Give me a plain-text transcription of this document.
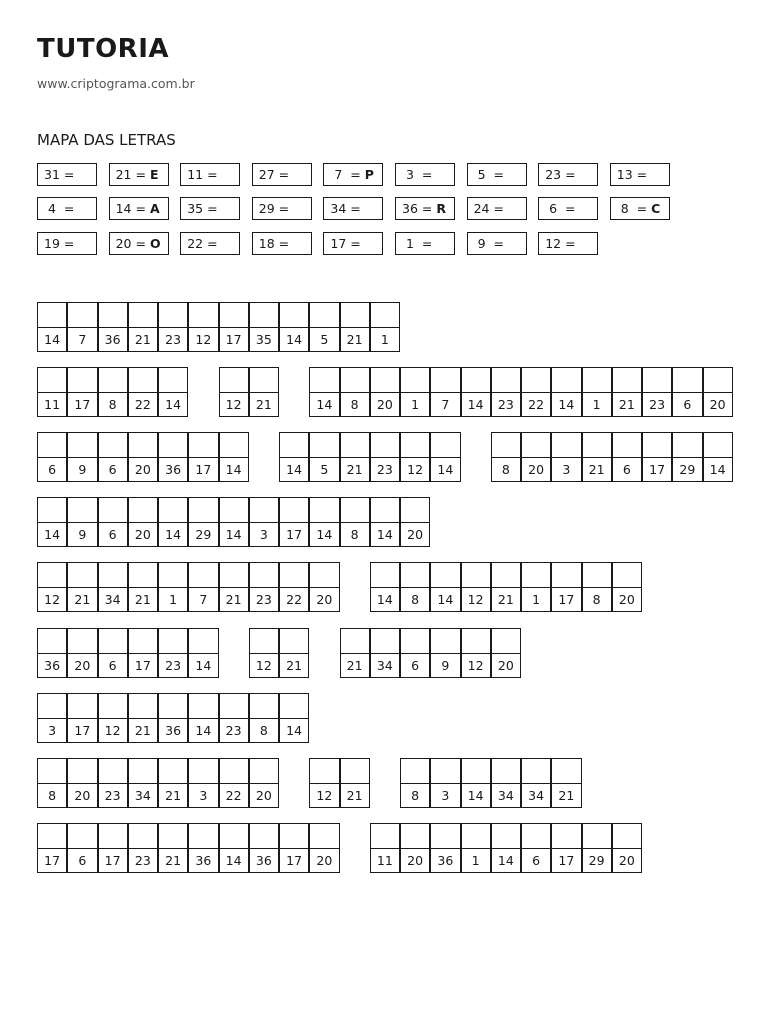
TUTORIA
www.criptograma.com.br
MAPA DAS LETRAS
31 =	21 = E	11 =	27 =	7  = P	3  =	5  =	23 =	13 =
4  =	14 = A	35 =	29 =	34 =	36 = R	24 =	6  =	8  = C
19 =	20 = O	22 =	18 =	17 =	1  =	9  =	12 =
14	7	36	21	23	12	17	35	14	5	21	1
11	17	8	22	14	12	21	14	8	20	1	7	14	23	22	14	1	21	23	6	20
6	9	6	20	36	17	14	14	5	21	23	12	14	8	20	3	21	6	17	29	14
14	9	6	20	14	29	14	3	17	14	8	14	20
12	21	34	21	1	7	21	23	22	20	14	8	14	12	21	1	17	8	20
36	20	6	17	23	14	12	21	21	34	6	9	12	20
3	17	12	21	36	14	23	8	14
8	20	23	34	21	3	22	20	12	21	8	3	14	34	34	21
17	6	17	23	21	36	14	36	17	20	11	20	36	1	14	6	17	29	20
